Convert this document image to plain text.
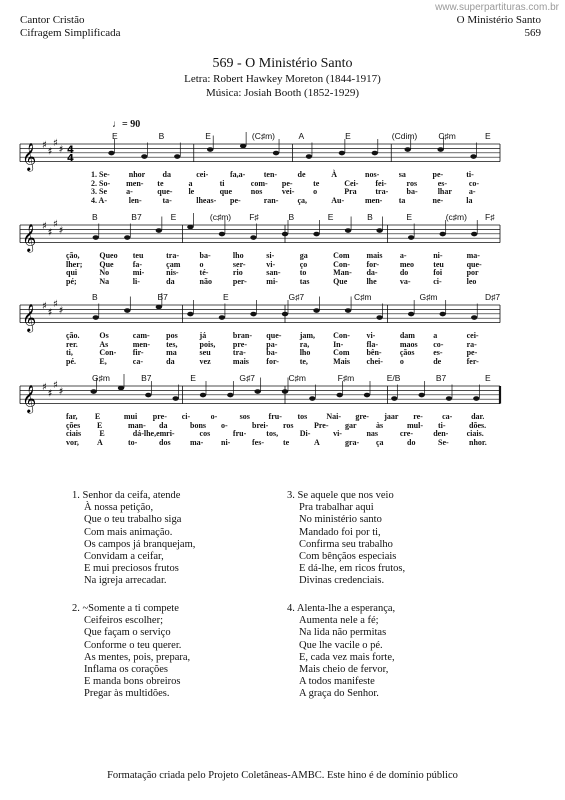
www.superpartituras.com.br
Cantor Cristão
Cifragem Simplificada
O Ministério Santo
569
569 - O Ministério Santo
Letra: Robert Hawkey Moreton (1844-1917)
Música: Josiah Booth (1852-1929)
♩= 90
𝄞 ♯
♯
♯
♯ 4
4
E	B	E	(C♯m)	A	E	(Cdim) C♯m	E
1. Se- nhor da	cei-	fa,a- ten-	de	À	nos- sa	pe-	ti-
2. So- men- te	a	ti	com- pe-	te	Cei- fei-	ros	es-	co-
3. Se a-	que- le	que nos vei- o	Pra tra- ba-	lhar a-
4. A-	len-	ta-	lheas- pe-	ran- ça,	Au-	men- ta	ne-	la
𝄞 ♯
♯
♯
♯
B	B7	E	(c♯m) F♯	B	E	B	E	(c♯m) F♯
ção, Queo teu	tra-	ba-	lho	si-	ga	Com mais a-	ni-	ma-
lher; Que fa-	çam o	ser-	vi-	ço	Con- for-	meo teu	que-
qui	No	mi-	nis-	té-	rio	san- to	Man- da-	do	foi	por
pé;	Na	li-	da	não	per- mi-	tas	Que lhe	va-	ci-	leo
𝄞 ♯
♯
♯
♯
B	B7	E	G♯7	C♯m	G♯m	D♯7
ção. Os	cam- pos	já	bran- que- jam, Con- vi-	dam a	cei-
rer.	As	men- tes,	pois, pre- pa-	ra,	In-	fla-	maos co-	ra-
ti,	Con- fir-	ma	seu	tra-	ba-	lho	Com bên- çãos es-	pe-
pé.	E,	ca-	da	vez	mais for-	te,	Mais chei- o	de	fer-
𝄞 ♯
♯
♯
♯
G♯m	B7	E	G♯7	C♯m	F♯m	E/B	B7	E
far, E	mui pre- ci-	o-	sos fru- tos Nai- gre- jaar re- ca- dar.
ções E	man- da	bons o-	brei- ros	Pre- gar às	mul- ti-	dões.
ciais E	dá-lhe,em ri-	cos	fru-	tos,	Di-	vi-	nas	cre-	den- ciais.
vor, A	to-	dos ma- ni-	fes- te	A	gra- ça	do	Se-	nhor.
1. Senhor da ceifa, atende
À nossa petição,
Que o teu trabalho siga
Com mais animação.
Os campos já branquejam,
Convidam a ceifar,
E mui preciosos frutos
Na igreja arrecadar.
2. ~Somente a ti compete
Ceifeiros escolher;
Que façam o serviço
Conforme o teu querer.
As mentes, pois, prepara,
Inflama os corações
E manda bons obreiros
Pregar às multidões.
3. Se aquele que nos veio
Pra trabalhar aqui
No ministério santo
Mandado foi por ti,
Confirma seu trabalho
Com bênçãos especiais
E dá-lhe, em ricos frutos,
Divinas credenciais.
4. Alenta-lhe a esperança,
Aumenta nele a fé;
Na lida não permitas
Que lhe vacile o pé.
E, cada vez mais forte,
Mais cheio de fervor,
A todos manifeste
A graça do Senhor.
Formatação criada pelo Projeto Coletâneas-AMBC. Este hino é de domínio público
